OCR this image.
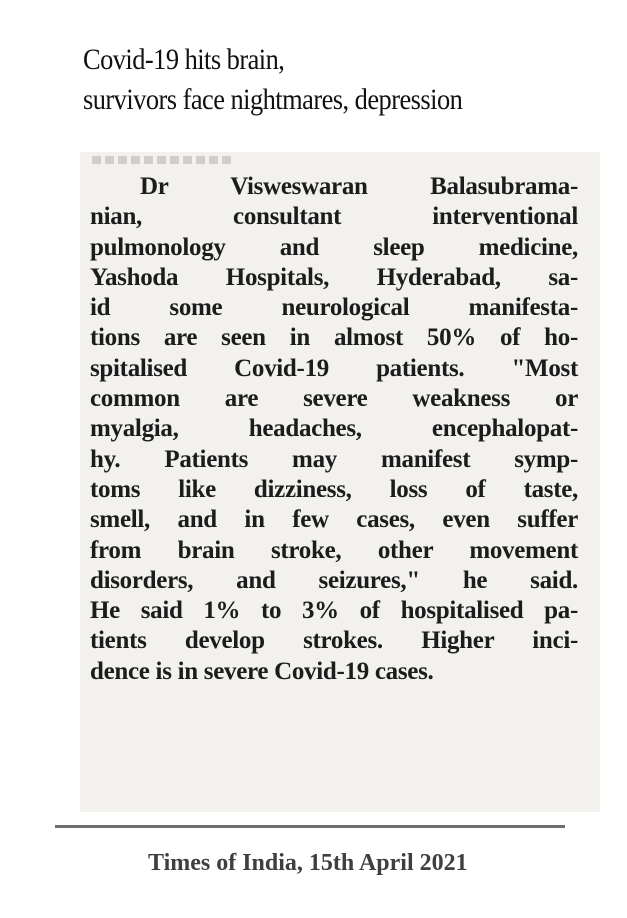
Covid-19 hits brain,
survivors face nightmares, depression
Dr Visweswaran Balasubrama-
nian, consultant interventional
pulmonology and sleep medicine,
Yashoda Hospitals, Hyderabad, sa-
id some neurological manifesta-
tions are seen in almost 50% of ho-
spitalised Covid-19 patients. "Most
common are severe weakness or
myalgia, headaches, encephalopat-
hy. Patients may manifest symp-
toms like dizziness, loss of taste,
smell, and in few cases, even suffer
from brain stroke, other movement
disorders, and seizures," he said.
He said 1% to 3% of hospitalised pa-
tients develop strokes. Higher inci-
dence is in severe Covid-19 cases.

Times of India, 15th April 2021
